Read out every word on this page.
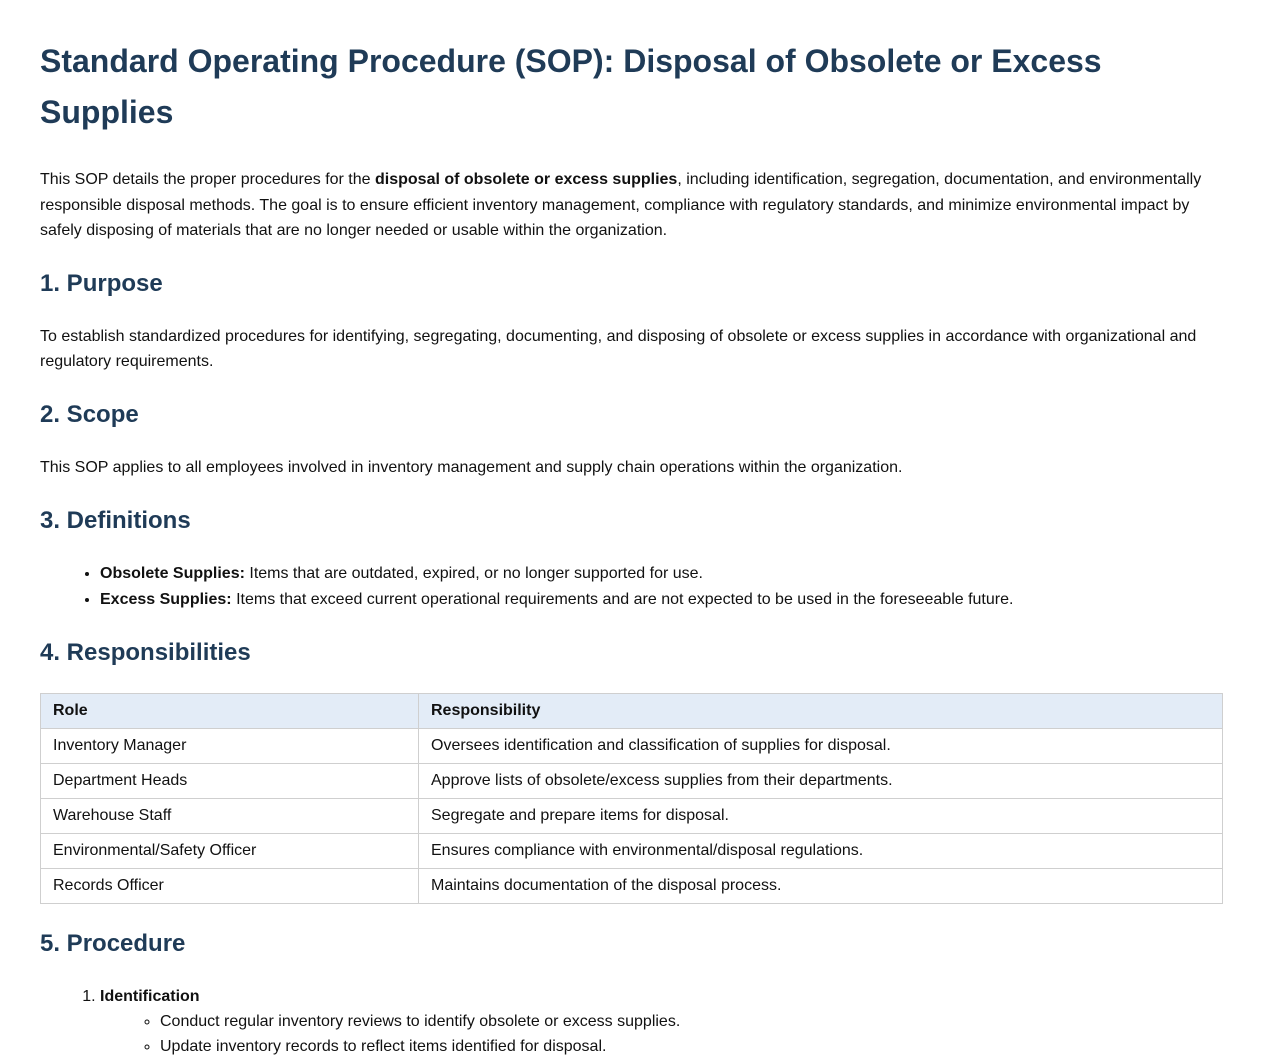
Standard Operating Procedure (SOP): Disposal of Obsolete or Excess Supplies

This SOP details the proper procedures for the disposal of obsolete or excess supplies, including identification, segregation, documentation, and environmentally responsible disposal methods. The goal is to ensure efficient inventory management, compliance with regulatory standards, and minimize environmental impact by safely disposing of materials that are no longer needed or usable within the organization.

1. Purpose

To establish standardized procedures for identifying, segregating, documenting, and disposing of obsolete or excess supplies in accordance with organizational and regulatory requirements.

2. Scope

This SOP applies to all employees involved in inventory management and supply chain operations within the organization.

3. Definitions
• Obsolete Supplies: Items that are outdated, expired, or no longer supported for use.
• Excess Supplies: Items that exceed current operational requirements and are not expected to be used in the foreseeable future.
4. Responsibilities
Role	Responsibility
Inventory Manager	Oversees identification and classification of supplies for disposal.
Department Heads	Approve lists of obsolete/excess supplies from their departments.
Warehouse Staff	Segregate and prepare items for disposal.
Environmental/Safety Officer	Ensures compliance with environmental/disposal regulations.
Records Officer	Maintains documentation of the disposal process.
5. Procedure
1. Identification
◦ Conduct regular inventory reviews to identify obsolete or excess supplies.
◦ Update inventory records to reflect items identified for disposal.
